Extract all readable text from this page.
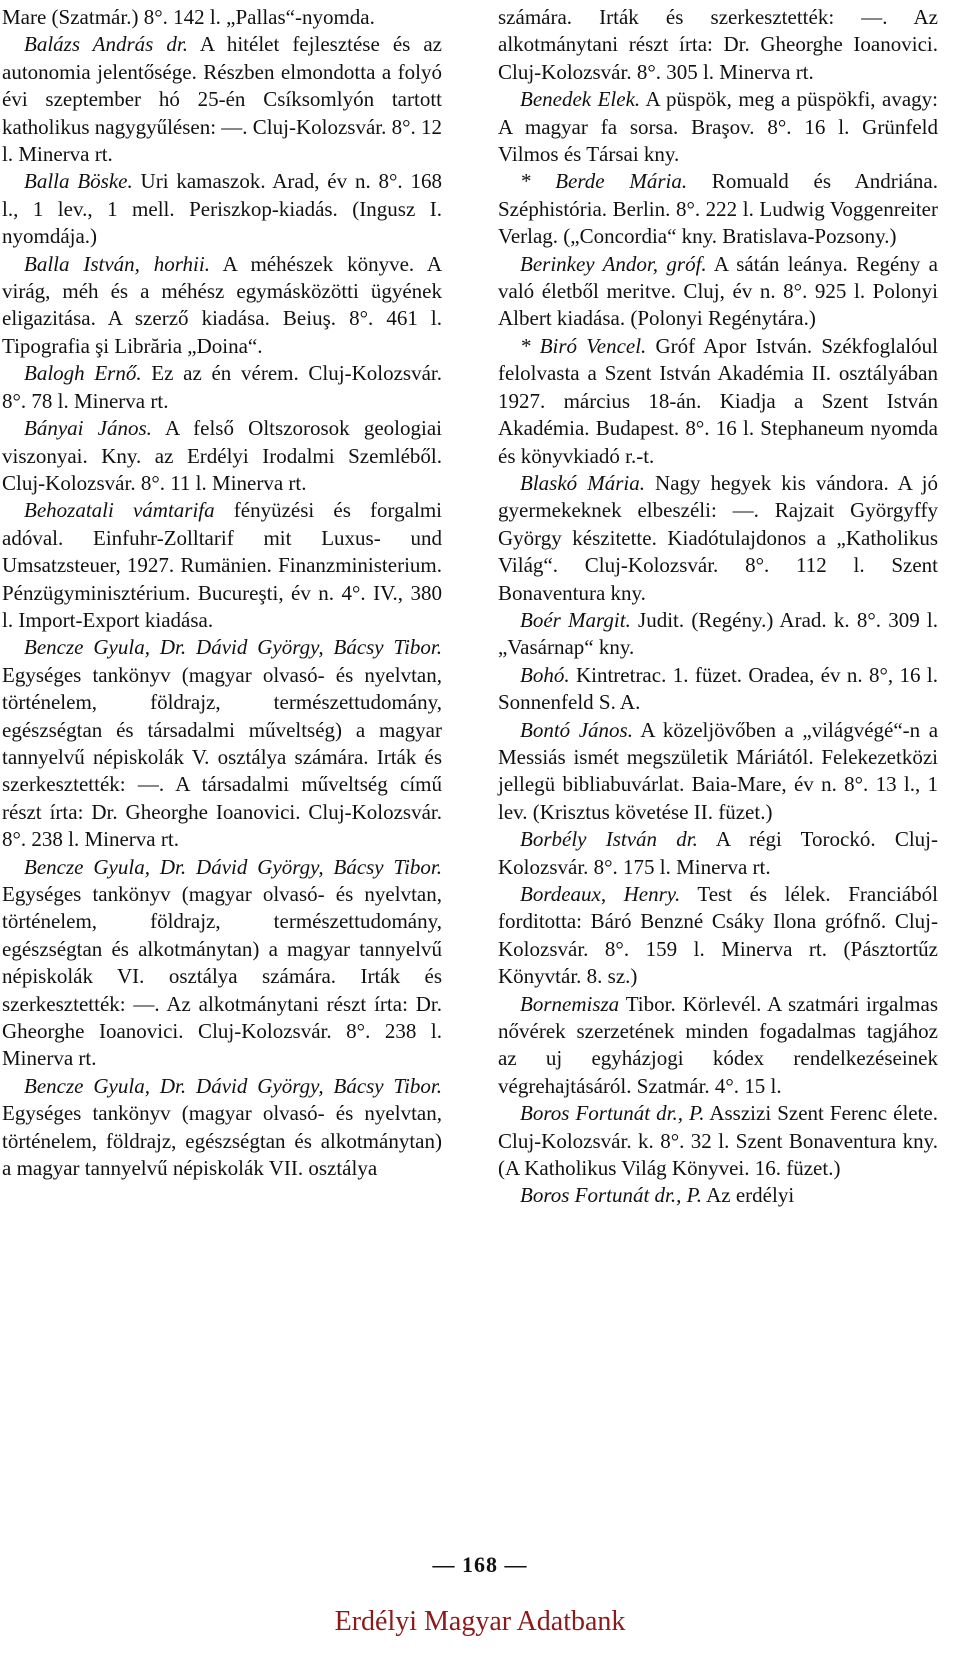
Mare (Szatmár.) 8°. 142 l. „Pallas“-nyomda.

Balázs András dr. A hitélet fejlesztése és az autonomia jelentősége. Részben elmondotta a folyó évi szeptember hó 25-én Csíksomlyón tartott katholikus nagygyűlésen: —. Cluj-Kolozsvár. 8°. 12 l. Minerva rt.

Balla Böske. Uri kamaszok. Arad, év n. 8°. 168 l., 1 lev., 1 mell. Periszkop-kiadás. (Ingusz I. nyomdája.)

Balla István, horhii. A méhészek könyve. A virág, méh és a méhész egymásközötti ügyének eligazitása. A szerző kiadása. Beiuş. 8°. 461 l. Tipografia şi Librăria „Doina“.

Balogh Ernő. Ez az én vérem. Cluj-Kolozsvár. 8°. 78 l. Minerva rt.

Bányai János. A felső Oltszorosok geologiai viszonyai. Kny. az Erdélyi Irodalmi Szemléből. Cluj-Kolozsvár. 8°. 11 l. Minerva rt.

Behozatali vámtarifa fényüzési és forgalmi adóval. Einfuhr-Zolltarif mit Luxus- und Umsatzsteuer, 1927. Rumänien. Finanzministerium. Pénzügyminisztérium. Bucureşti, év n. 4°. IV., 380 l. Import-Export kiadása.

Bencze Gyula, Dr. Dávid György, Bácsy Tibor. Egységes tankönyv (magyar olvasó- és nyelvtan, történelem, földrajz, természettudomány, egészségtan és társadalmi műveltség) a magyar tannyelvű népiskolák V. osztálya számára. Irták és szerkesztették: —. A társadalmi műveltség című részt írta: Dr. Gheorghe Ioanovici. Cluj-Kolozsvár. 8°. 238 l. Minerva rt.

Bencze Gyula, Dr. Dávid György, Bácsy Tibor. Egységes tankönyv (magyar olvasó- és nyelvtan, történelem, földrajz, természettudomány, egészségtan és alkotmánytan) a magyar tannyelvű népiskolák VI. osztálya számára. Irták és szerkesztették: —. Az alkotmánytani részt írta: Dr. Gheorghe Ioanovici. Cluj-Kolozsvár. 8°. 238 l. Minerva rt.

Bencze Gyula, Dr. Dávid György, Bácsy Tibor. Egységes tankönyv (magyar olvasó- és nyelvtan, történelem, földrajz, egészségtan és alkotmánytan) a magyar tannyelvű népiskolák VII. osztálya

számára. Irták és szerkesztették: —. Az alkotmánytani részt írta: Dr. Gheorghe Ioanovici. Cluj-Kolozsvár. 8°. 305 l. Minerva rt.

Benedek Elek. A püspök, meg a püspökfi, avagy: A magyar fa sorsa. Braşov. 8°. 16 l. Grünfeld Vilmos és Társai kny.

* Berde Mária. Romuald és Andriána. Széphistória. Berlin. 8°. 222 l. Ludwig Voggenreiter Verlag. („Concordia“ kny. Bratislava-Pozsony.)

Berinkey Andor, gróf. A sátán leánya. Regény a való életből meritve. Cluj, év n. 8°. 925 l. Polonyi Albert kiadása. (Polonyi Regénytára.)

* Biró Vencel. Gróf Apor István. Székfoglalóul felolvasta a Szent István Akadémia II. osztályában 1927. március 18-án. Kiadja a Szent István Akadémia. Budapest. 8°. 16 l. Stephaneum nyomda és könyvkiadó r.-t.

Blaskó Mária. Nagy hegyek kis vándora. A jó gyermekeknek elbeszéli: —. Rajzait Györgyffy György készitette. Kiadótulajdonos a „Katholikus Világ“. Cluj-Kolozsvár. 8°. 112 l. Szent Bonaventura kny.

Boér Margit. Judit. (Regény.) Arad. k. 8°. 309 l. „Vasárnap“ kny.

Bohó. Kintretrac. 1. füzet. Oradea, év n. 8°, 16 l. Sonnenfeld S. A.

Bontó János. A közeljövőben a „világvégé“-n a Messiás ismét megszületik Máriától. Felekezetközi jellegü bibliabuvárlat. Baia-Mare, év n. 8°. 13 l., 1 lev. (Krisztus követése II. füzet.)

Borbély István dr. A régi Torockó. Cluj-Kolozsvár. 8°. 175 l. Minerva rt.

Bordeaux, Henry. Test és lélek. Franciából forditotta: Báró Benzné Csáky Ilona grófnő. Cluj-Kolozsvár. 8°. 159 l. Minerva rt. (Pásztortűz Könyvtár. 8. sz.)

Bornemisza Tibor. Körlevél. A szatmári irgalmas nővérek szerzetének minden fogadalmas tagjához az uj egyházjogi kódex rendelkezéseinek végrehajtásáról. Szatmár. 4°. 15 l.

Boros Fortunát dr., P. Asszizi Szent Ferenc élete. Cluj-Kolozsvár. k. 8°. 32 l. Szent Bonaventura kny. (A Katholikus Világ Könyvei. 16. füzet.)

Boros Fortunát dr., P. Az erdélyi

— 168 —
Erdélyi Magyar Adatbank
